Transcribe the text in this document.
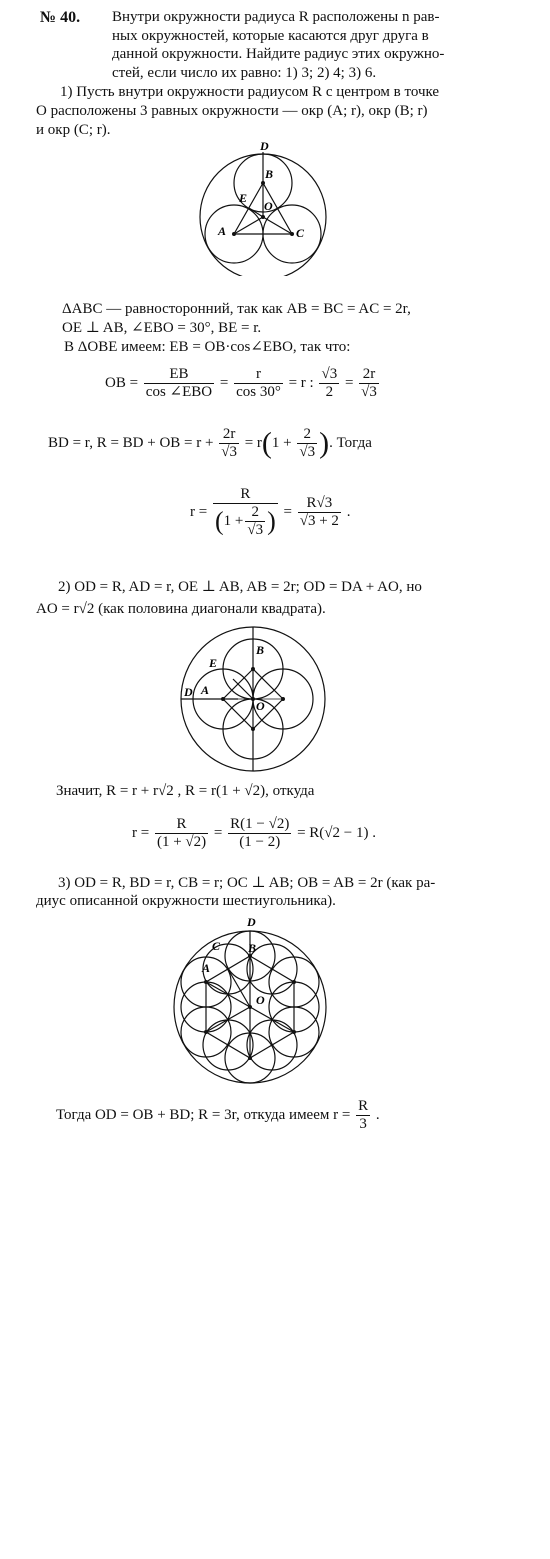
№ 40. Внутри окружности радиуса R расположены n рав-
ных окружностей, которые касаются друг друга в
данной окружности. Найдите радиус этих окружно-
стей, если число их равно: 1) 3; 2) 4; 3) 6.
1) Пусть внутри окружности радиусом R с центром в точке
O расположены 3 равных окружности — окр (A; r), окр (B; r)
и окр (C; r).
D
B
E
O
A	C
ΔABC — равносторонний, так как AB = BC = AC = 2r,
OE ⊥ AB, ∠EBO = 30°, BE = r.
В ΔOBE имеем: EB = OB·cos∠EBO, так что:
OB = $\frac{EB}{\text{cos ∠EBO}} = \frac{r}{\cos 30^\circ} = r$ : $\frac{√3}{2} = \frac{2r}{√3}$
BD = r, R = BD + OB = $r + \frac{2r}{√3} = r(1 + \frac{2}{√3}$ ). Тогда
$r = \frac{R}{(1 + \frac{2}{√3} )} = \frac{R√3}{√3 + 2}$ .
2) OD = R, AD = r, OE ⊥ AB, AB = 2r; OD = DA + AO, но
AO = r√2 (как половина диагонали квадрата).
E
B
D A
O
Значит, R = r + r√2 , R = r(1 + √2), откуда
$r = \frac{R}{(1 + √2)} = \frac{R(1 - √2)}{(1 - 2)} = R(√2 - 1)$ .
3) OD = R, BD = r, CB = r; OC ⊥ AB; OB = AB = 2r (как ра-
диус описанной окружности шестиугольника).
D
C B
A
O
Тогда OD = OB + BD; R = 3r, откуда имеем $r = \frac{R}{3}$ .
